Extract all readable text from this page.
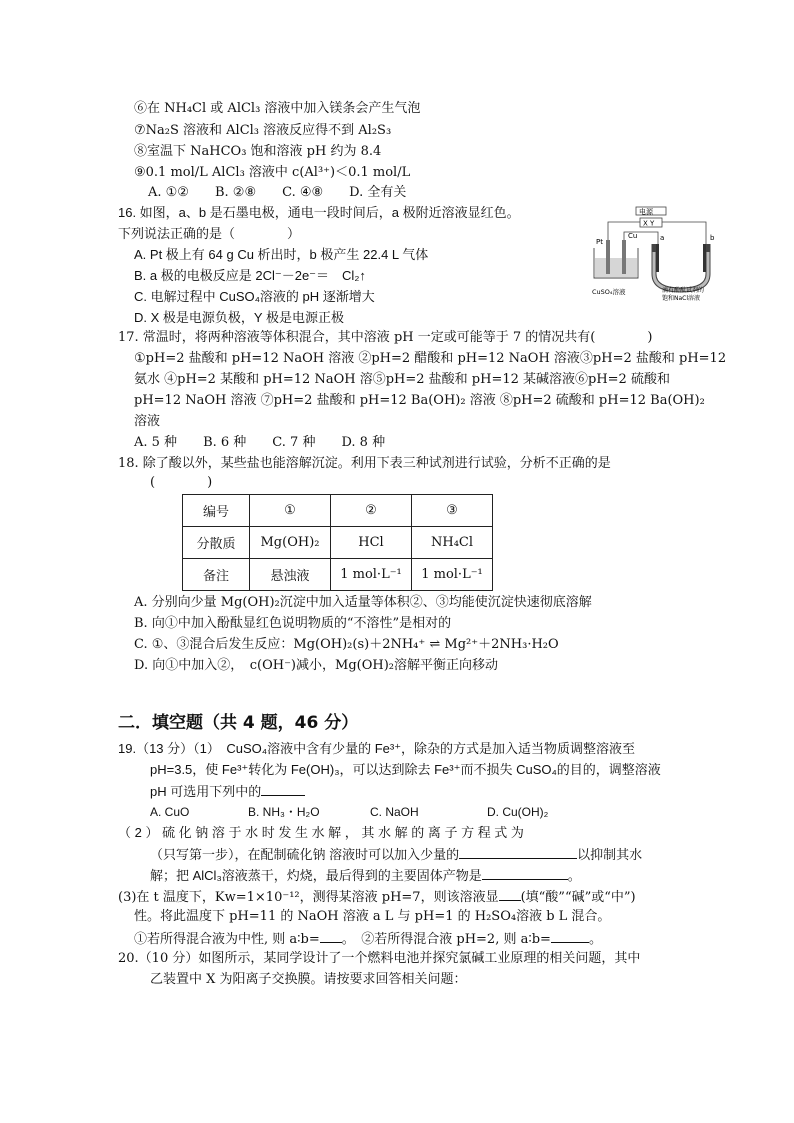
⑥在 NH₄Cl 或 AlCl₃ 溶液中加入镁条会产生气泡
⑦Na₂S 溶液和 AlCl₃ 溶液反应得不到 Al₂S₃
⑧室温下 NaHCO₃ 饱和溶液 pH 约为 8.4
⑨0.1 mol/L AlCl₃ 溶液中 c(Al³⁺)＜0.1 mol/L
A. ①② B. ②⑧ C. ④⑧ D. 全有关
16. 如图，a、b 是石墨电极，通电一段时间后，a 极附近溶液显红色。
下列说法正确的是（　　　　）
A. Pt 极上有 64 g Cu 析出时，b 极产生 22.4 L 气体
B. a 极的电极反应是 2Cl⁻－2e⁻＝　Cl₂↑
C. 电解过程中 CuSO₄溶液的 pH 逐渐增大
D. X 极是电源负极，Y 极是电源正极
电源
X Y
Pt
Cu	a	b
CuSO₄溶液	滴有酚酞试剂的
饱和NaCl溶液
17. 常温时，将两种溶液等体积混合，其中溶液 pH 一定或可能等于 7 的情况共有(　　　　)
①pH=2 盐酸和 pH=12 NaOH 溶液 ②pH=2 醋酸和 pH=12 NaOH 溶液③pH=2 盐酸和 pH=12
氨水 ④pH=2 某酸和 pH=12 NaOH 溶⑤pH=2 盐酸和 pH=12 某碱溶液⑥pH=2 硫酸和
pH=12 NaOH 溶液 ⑦pH=2 盐酸和 pH=12 Ba(OH)₂ 溶液 ⑧pH=2 硫酸和 pH=12 Ba(OH)₂
溶液
A. 5 种 B. 6 种 C. 7 种 D. 8 种
18. 除了酸以外，某些盐也能溶解沉淀。利用下表三种试剂进行试验，分析不正确的是
(　　　　)
编号	①	②	③
分散质	Mg(OH)₂	HCl	NH₄Cl
备注	悬浊液	1 mol·L⁻¹	1 mol·L⁻¹
A. 分别向少量 Mg(OH)₂沉淀中加入适量等体积②、③均能使沉淀快速彻底溶解
B. 向①中加入酚酞显红色说明物质的“不溶性”是相对的
C. ①、③混合后发生反应：Mg(OH)₂(s)＋2NH₄⁺ ⇌ Mg²⁺＋2NH₃·H₂O
D. 向①中加入②，　c(OH⁻)减小，Mg(OH)₂溶解平衡正向移动
二．填空题（共 4 题，46 分）
19.（13 分）（1）　CuSO₄溶液中含有少量的 Fe³⁺，除杂的方式是加入适当物质调整溶液至
pH=3.5，使 Fe³⁺转化为 Fe(OH)₃，可以达到除去 Fe³⁺而不损失 CuSO₄的目的，调整溶液
pH 可选用下列中的
A. CuO	B. NH₃・H₂O	C. NaOH	D. Cu(OH)₂
（ 2 ） 硫 化 钠 溶 于 水 时 发 生 水 解 ， 其 水 解 的 离 子 方 程 式 为
（只写第一步），在配制硫化钠 溶液时可以加入少量的	以抑制其水
解；把 AlCl₃溶液蒸干，灼烧，最后得到的主要固体产物是	。
(3)在 t 温度下，Kw=1×10⁻¹²，测得某溶液 pH=7，则该溶液显 (填“酸”“碱”或“中”)
性。将此温度下 pH=11 的 NaOH 溶液 a L 与 pH=1 的 H₂SO₄溶液 b L 混合。
①若所得混合液为中性, 则 a∶b= 。　②若所得混合液 pH=2, 则 a∶b=	。
20.（10 分）如图所示，某同学设计了一个燃料电池并探究氯碱工业原理的相关问题，其中
乙装置中 X 为阳离子交换膜。请按要求回答相关问题：
